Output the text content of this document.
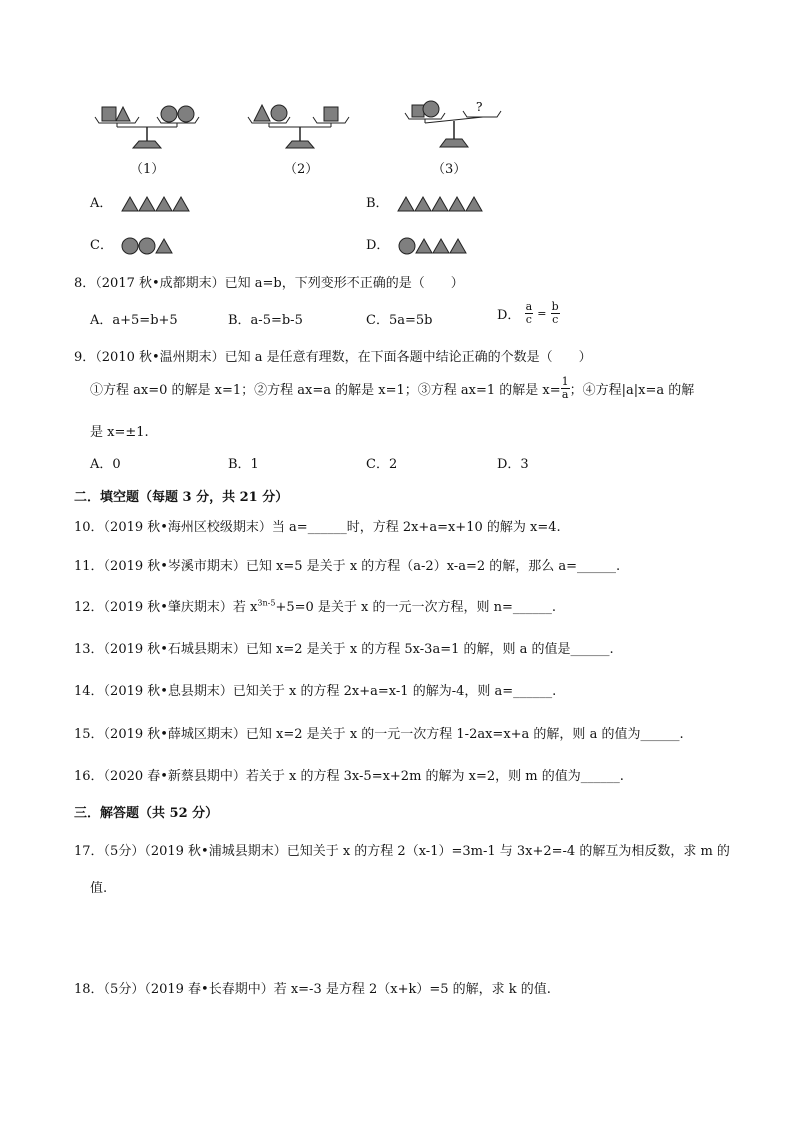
?
（1）	（2）	（3）
A．	B．
C．	D．
8．（2017 秋•成都期末）已知 a=b，下列变形不正确的是（　　）
A．a+5=b+5	B．a-5=b-5	C．5a=5b	D． $\frac{a}{c} = \frac{b}{c}$
9．（2010 秋•温州期末）已知 a 是任意有理数，在下面各题中结论正确的个数是（　　）
①方程 ax=0 的解是 x=1；②方程 ax=a 的解是 x=1；③方程 ax=1 的解是 $x= \frac{1}{a}$ ；④方程|a|x=a 的解
是 x=±1.
A．0	B．1	C．2	D．3
二．填空题（每题 3 分，共 21 分）
10．（2019 秋•海州区校级期末）当 a=______时，方程 2x+a=x+10 的解为 x=4.
11．（2019 秋•岑溪市期末）已知 x=5 是关于 x 的方程（a-2）x-a=2 的解，那么 a=______.
12．（2019 秋•肇庆期末）若 $x^{3n-5}+5=0$ 是关于 x 的一元一次方程，则 n=______.
13．（2019 秋•石城县期末）已知 x=2 是关于 x 的方程 5x-3a=1 的解，则 a 的值是______.
14．（2019 秋•息县期末）已知关于 x 的方程 2x+a=x-1 的解为-4，则 a=______.
15．（2019 秋•薛城区期末）已知 x=2 是关于 x 的一元一次方程 1-2ax=x+a 的解，则 a 的值为______.
16．（2020 春•新蔡县期中）若关于 x 的方程 3x-5=x+2m 的解为 x=2，则 m 的值为______.
三．解答题（共 52 分）
17．（5分）（2019 秋•浦城县期末）已知关于 x 的方程 2（x-1）=3m-1 与 3x+2=-4 的解互为相反数，求 m 的
值.
18．（5分）（2019 春•长春期中）若 x=-3 是方程 2（x+k）=5 的解，求 k 的值.
